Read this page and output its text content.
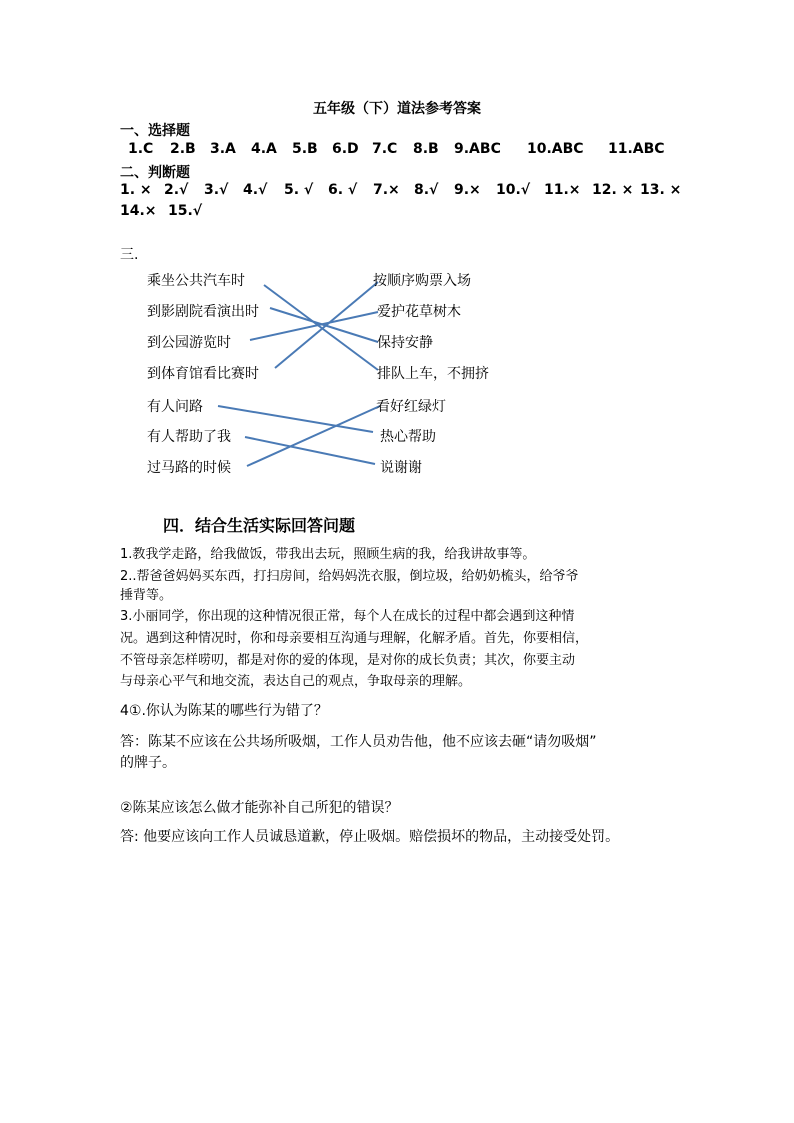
五年级（下）道法参考答案
一、选择题
1.C 2.B 3.A 4.A 5.B 6.D 7.C 8.B 9.ABC 10.ABC 11.ABC
二、判断题
1. × 2.√ 3.√ 4.√ 5. √ 6. √ 7.× 8.√ 9.× 10.√ 11.× 12. × 13. ×
14.× 15.√
三.
乘坐公共汽车时
到影剧院看演出时
到公园游览时
到体育馆看比赛时
按顺序购票入场
爱护花草树木
保持安静
排队上车，不拥挤
有人问路
有人帮助了我
过马路的时候
看好红绿灯
热心帮助
说谢谢
四．结合生活实际回答问题
1.教我学走路，给我做饭，带我出去玩，照顾生病的我，给我讲故事等。
2..帮爸爸妈妈买东西，打扫房间，给妈妈洗衣服，倒垃圾，给奶奶梳头，给爷爷
捶背等。
3.小丽同学，你出现的这种情况很正常，每个人在成长的过程中都会遇到这种情
况。遇到这种情况时，你和母亲要相互沟通与理解，化解矛盾。首先，你要相信，
不管母亲怎样唠叨，都是对你的爱的体现，是对你的成长负责；其次，你要主动
与母亲心平气和地交流，表达自己的观点，争取母亲的理解。
4①.你认为陈某的哪些行为错了？
答：陈某不应该在公共场所吸烟，工作人员劝告他，他不应该去砸“请勿吸烟”
的牌子。
②陈某应该怎么做才能弥补自己所犯的错误？
答: 他要应该向工作人员诚恳道歉，停止吸烟。赔偿损坏的物品，主动接受处罚。
